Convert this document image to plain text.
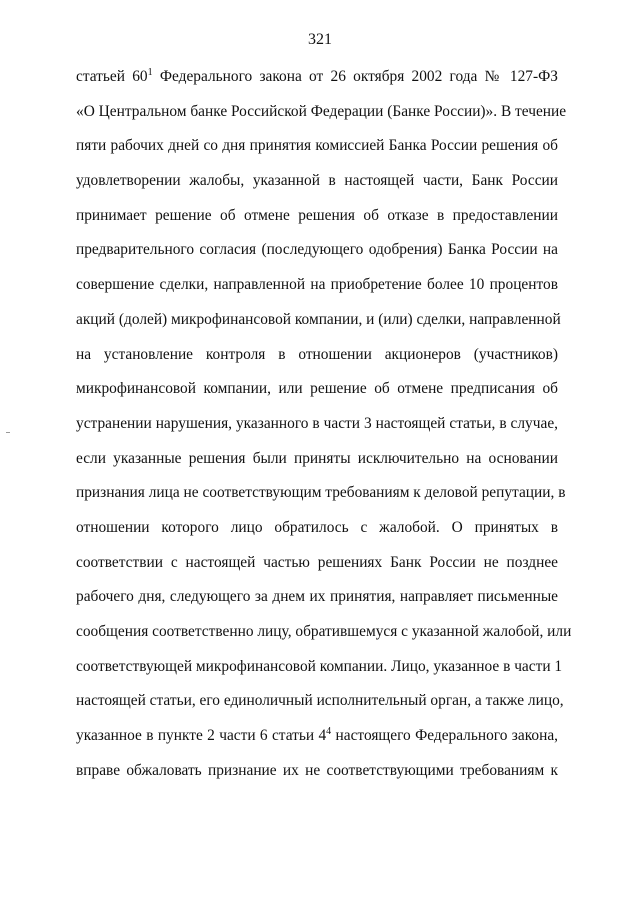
321
статьей $60^1$ Федерального закона от 26 октября 2002 года № 127-ФЗ
«О Центральном банке Российской Федерации (Банке России)». В течение
пяти рабочих дней со дня принятия комиссией Банка России решения об
удовлетворении жалобы, указанной в настоящей части, Банк России
принимает решение об отмене решения об отказе в предоставлении
предварительного согласия (последующего одобрения) Банка России на
совершение сделки, направленной на приобретение более 10 процентов
акций (долей) микрофинансовой компании, и (или) сделки, направленной
на установление контроля в отношении акционеров (участников)
микрофинансовой компании, или решение об отмене предписания об
устранении нарушения, указанного в части 3 настоящей статьи, в случае,
если указанные решения были приняты исключительно на основании
признания лица не соответствующим требованиям к деловой репутации, в
отношении которого лицо обратилось с жалобой. О принятых в
соответствии с настоящей частью решениях Банк России не позднее
рабочего дня, следующего за днем их принятия, направляет письменные
сообщения соответственно лицу, обратившемуся с указанной жалобой, или
соответствующей микрофинансовой компании. Лицо, указанное в части 1
настоящей статьи, его единоличный исполнительный орган, а также лицо,
указанное в пункте 2 части 6 статьи $4^4$ настоящего Федерального закона,
вправе обжаловать признание их не соответствующими требованиям к
